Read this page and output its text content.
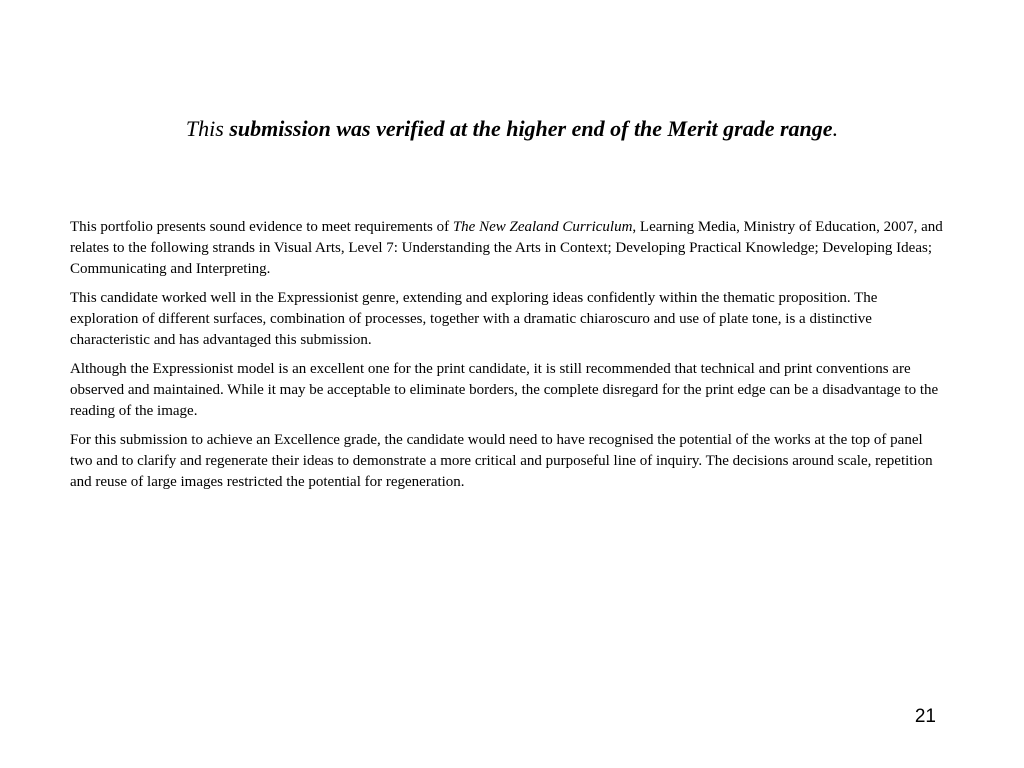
This submission was verified at the higher end of the Merit grade range.

This portfolio presents sound evidence to meet requirements of The New Zealand Curriculum, Learning Media, Ministry of Education, 2007, and relates to the following strands in Visual Arts, Level 7: Understanding the Arts in Context; Developing Practical Knowledge; Developing Ideas; Communicating and Interpreting.

This candidate worked well in the Expressionist genre, extending and exploring ideas confidently within the thematic proposition. The exploration of different surfaces, combination of processes, together with a dramatic chiaroscuro and use of plate tone, is a distinctive characteristic and has advantaged this submission.

Although the Expressionist model is an excellent one for the print candidate, it is still recommended that technical and print conventions are observed and maintained. While it may be acceptable to eliminate borders, the complete disregard for the print edge can be a disadvantage to the reading of the image.

For this submission to achieve an Excellence grade, the candidate would need to have recognised the potential of the works at the top of panel two and to clarify and regenerate their ideas to demonstrate a more critical and purposeful line of inquiry. The decisions around scale, repetition and reuse of large images restricted the potential for regeneration.

21
